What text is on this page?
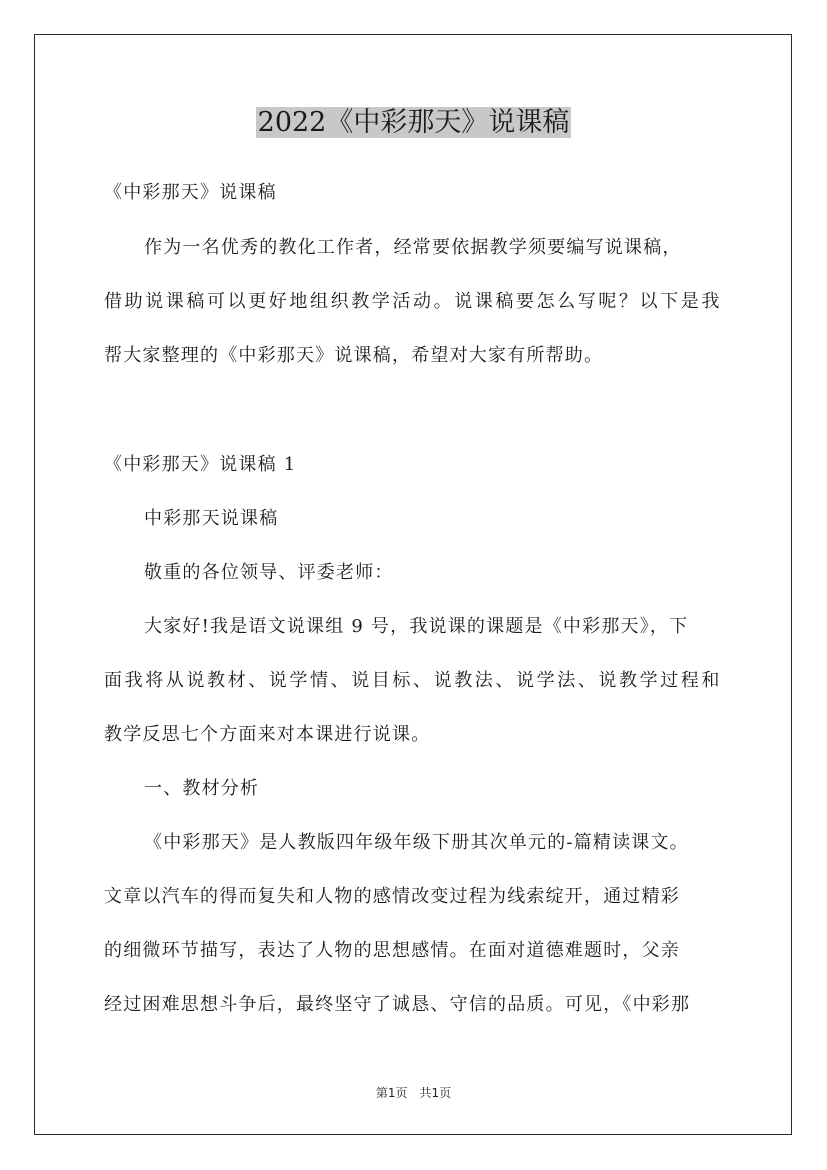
2022《中彩那天》说课稿
《中彩那天》说课稿
作为一名优秀的教化工作者，经常要依据教学须要编写说课稿，
借助说课稿可以更好地组织教学活动。说课稿要怎么写呢？以下是我
帮大家整理的《中彩那天》说课稿，希望对大家有所帮助。
《中彩那天》说课稿 1
中彩那天说课稿
敬重的各位领导、评委老师：
大家好!我是语文说课组 9 号，我说课的课题是《中彩那天》，下
面我将从说教材、说学情、说目标、说教法、说学法、说教学过程和
教学反思七个方面来对本课进行说课。
一、教材分析
《中彩那天》是人教版四年级年级下册其次单元的-篇精读课文。
文章以汽车的得而复失和人物的感情改变过程为线索绽开，通过精彩
的细微环节描写，表达了人物的思想感情。在面对道德难题时，父亲
经过困难思想斗争后，最终坚守了诚恳、守信的品质。可见，《中彩那
第1页　共1页
